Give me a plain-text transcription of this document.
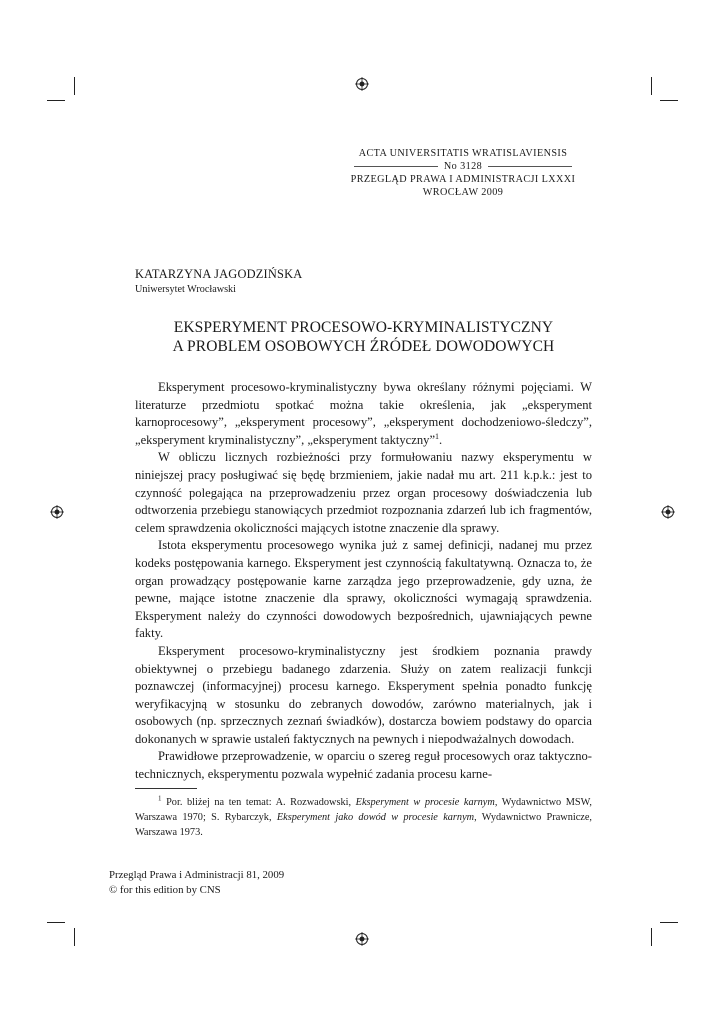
ACTA UNIVERSITATIS WRATISLAVIENSIS
No 3128
PRZEGLĄD PRAWA I ADMINISTRACJI LXXXI
WROCŁAW 2009
KATARZYNA JAGODZIŃSKA
Uniwersytet Wrocławski
EKSPERYMENT PROCESOWO-KRYMINALISTYCZNY
A PROBLEM OSOBOWYCH ŹRÓDEŁ DOWODOWYCH

Eksperyment procesowo-kryminalistyczny bywa określany różnymi pojęciami. W literaturze przedmiotu spotkać można takie określenia, jak „eksperyment karnoprocesowy”, „eksperyment procesowy”, „eksperyment dochodzeniowo-śledczy”, „eksperyment kryminalistyczny”, „eksperyment taktyczny”$^1$.

W obliczu licznych rozbieżności przy formułowaniu nazwy eksperymentu w niniejszej pracy posługiwać się będę brzmieniem, jakie nadał mu art. 211 k.p.k.: jest to czynność polegająca na przeprowadzeniu przez organ procesowy doświadczenia lub odtworzenia przebiegu stanowiących przedmiot rozpoznania zdarzeń lub ich fragmentów, celem sprawdzenia okoliczności mających istotne znaczenie dla sprawy.

Istota eksperymentu procesowego wynika już z samej definicji, nadanej mu przez kodeks postępowania karnego. Eksperyment jest czynnością fakultatywną. Oznacza to, że organ prowadzący postępowanie karne zarządza jego przeprowadzenie, gdy uzna, że pewne, mające istotne znaczenie dla sprawy, okoliczności wymagają sprawdzenia. Eksperyment należy do czynności dowodowych bezpośrednich, ujawniających pewne fakty.

Eksperyment procesowo-kryminalistyczny jest środkiem poznania prawdy obiektywnej o przebiegu badanego zdarzenia. Służy on zatem realizacji funkcji poznawczej (informacyjnej) procesu karnego. Eksperyment spełnia ponadto funkcję weryfikacyjną w stosunku do zebranych dowodów, zarówno materialnych, jak i osobowych (np. sprzecznych zeznań świadków), dostarcza bowiem podstawy do oparcia dokonanych w sprawie ustaleń faktycznych na pewnych i niepodważalnych dowodach.

Prawidłowe przeprowadzenie, w oparciu o szereg reguł procesowych oraz taktyczno-technicznych, eksperymentu pozwala wypełnić zadania procesu karne-

$^1$ Por. bliżej na ten temat: A. Rozwadowski, Eksperyment w procesie karnym, Wydawnictwo MSW, Warszawa 1970; S. Rybarczyk, Eksperyment jako dowód w procesie karnym, Wydawnictwo Prawnicze, Warszawa 1973.
Przegląd Prawa i Administracji 81, 2009
© for this edition by CNS
